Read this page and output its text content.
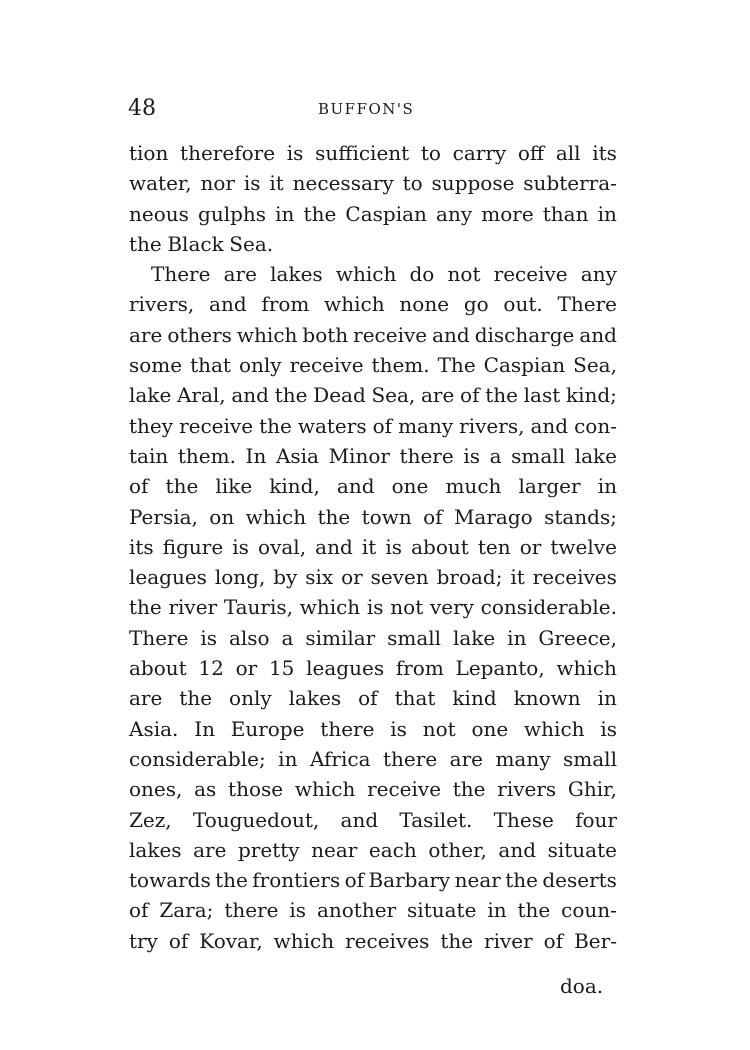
48	BUFFON'S
tion therefore is sufficient to carry off all its
water, nor is it necessary to suppose subterra-
neous gulphs in the Caspian any more than in
the Black Sea.
There are lakes which do not receive any
rivers, and from which none go out. There
are others which both receive and discharge and
some that only receive them. The Caspian Sea,
lake Aral, and the Dead Sea, are of the last kind;
they receive the waters of many rivers, and con-
tain them. In Asia Minor there is a small lake
of the like kind, and one much larger in
Persia, on which the town of Marago stands;
its figure is oval, and it is about ten or twelve
leagues long, by six or seven broad; it receives
the river Tauris, which is not very considerable.
There is also a similar small lake in Greece,
about 12 or 15 leagues from Lepanto, which
are the only lakes of that kind known in
Asia. In Europe there is not one which is
considerable; in Africa there are many small
ones, as those which receive the rivers Ghir,
Zez, Touguedout, and Tasilet. These four
lakes are pretty near each other, and situate
towards the frontiers of Barbary near the deserts
of Zara; there is another situate in the coun-
try of Kovar, which receives the river of Ber-
doa.
